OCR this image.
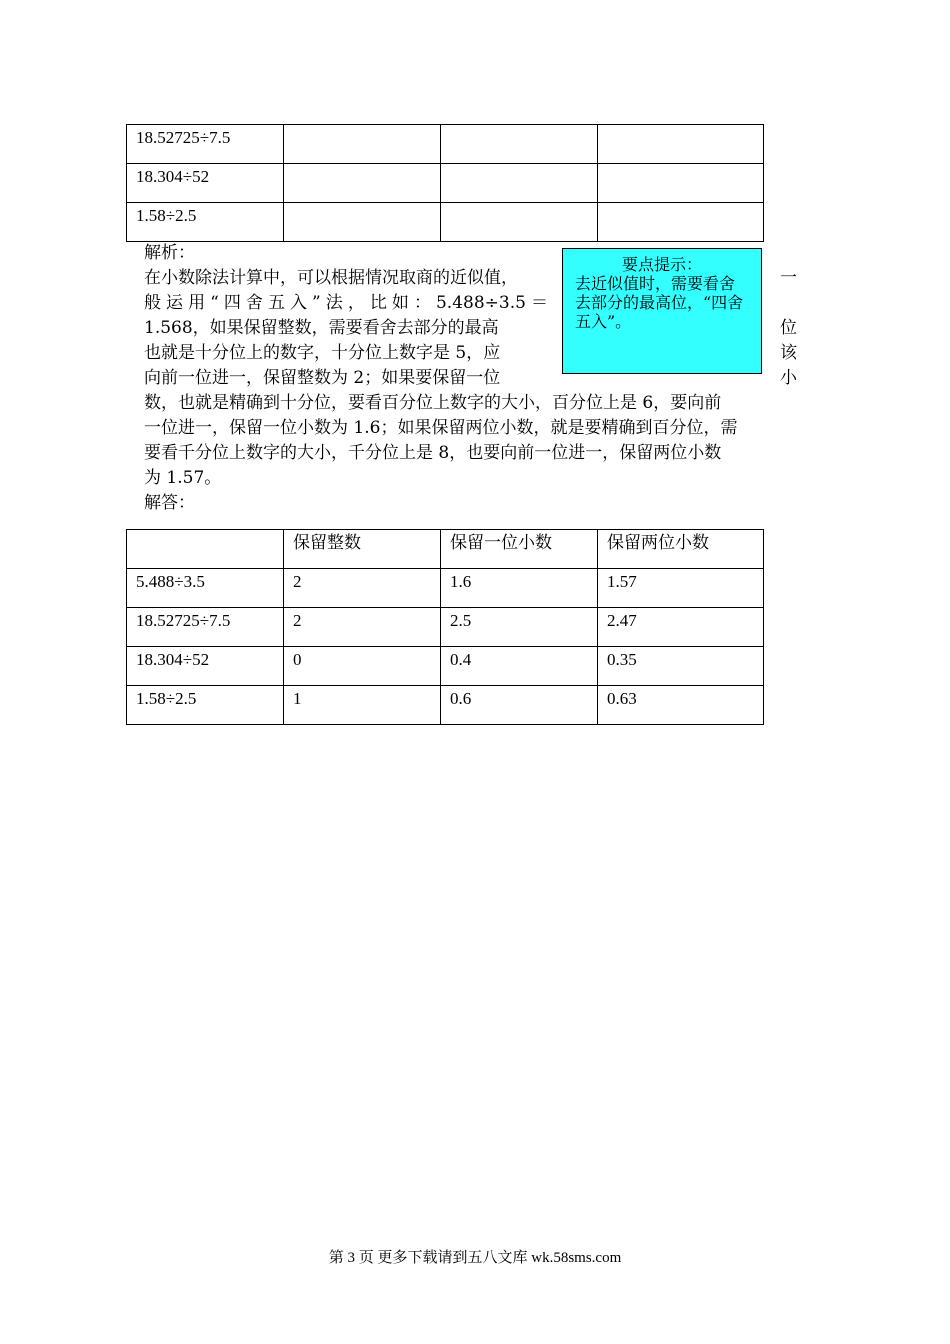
18.52725÷7.5			
18.304÷52			
1.58÷2.5			
解析：
在小数除法计算中，可以根据情况取商的近似值，	一
般运用“四舍五入”法，比如：5.488÷3.5＝
1.568，如果保留整数，需要看舍去部分的最高	位
也就是十分位上的数字，十分位上数字是 5，应	该
向前一位进一，保留整数为 2；如果要保留一位	小
数，也就是精确到十分位，要看百分位上数字的大小，百分位上是 6，要向前
一位进一，保留一位小数为 1.6；如果保留两位小数，就是要精确到百分位，需
要看千分位上数字的大小，千分位上是 8，也要向前一位进一，保留两位小数
为 1.57。
要点提示：
去近似值时，需要看舍去部分的最高位，“四舍五入”。
解答：
	保留整数	保留一位小数	保留两位小数
5.488÷3.5	2	1.6	1.57
18.52725÷7.5	2	2.5	2.47
18.304÷52	0	0.4	0.35
1.58÷2.5	1	0.6	0.63
第 3 页 更多下载请到五八文库 wk.58sms.com
